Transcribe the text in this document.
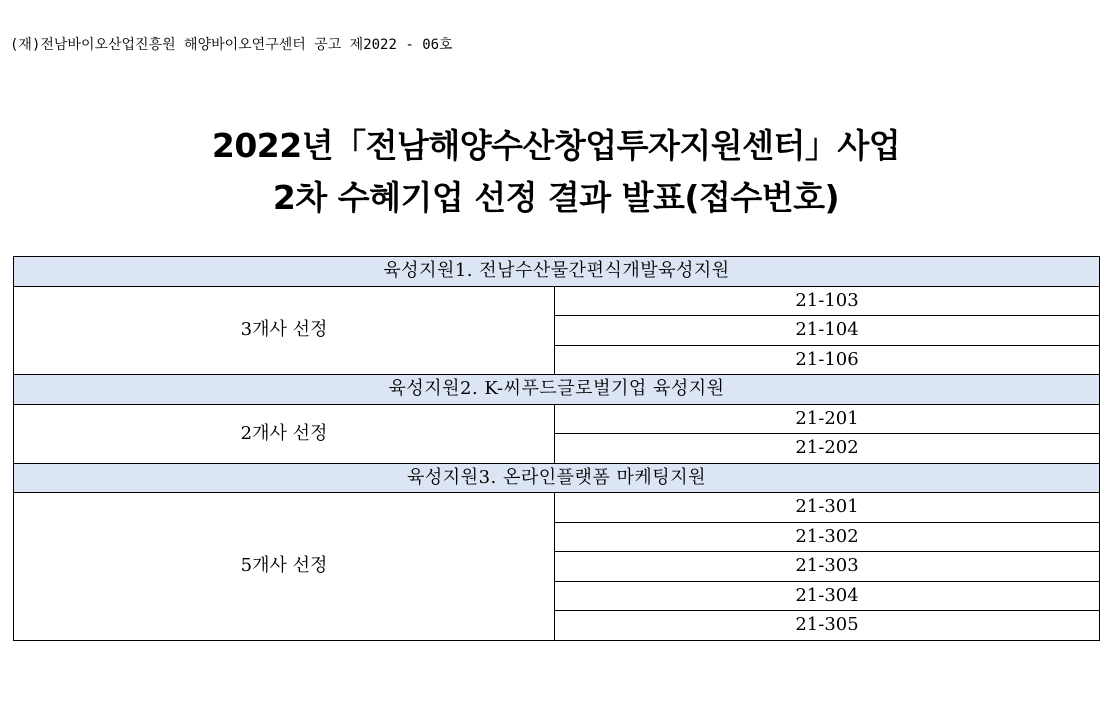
(재)전남바이오산업진흥원 해양바이오연구센터 공고 제2022 - 06호
2022년「전남해양수산창업투자지원센터」사업
2차 수혜기업 선정 결과 발표(접수번호)
육성지원1. 전남수산물간편식개발육성지원	
3개사 선정	21-103
	21-104
	21-106
육성지원2. K-씨푸드글로벌기업 육성지원	
2개사 선정	21-201
	21-202
육성지원3. 온라인플랫폼 마케팅지원	
5개사 선정	21-301
	21-302
	21-303
	21-304
	21-305
